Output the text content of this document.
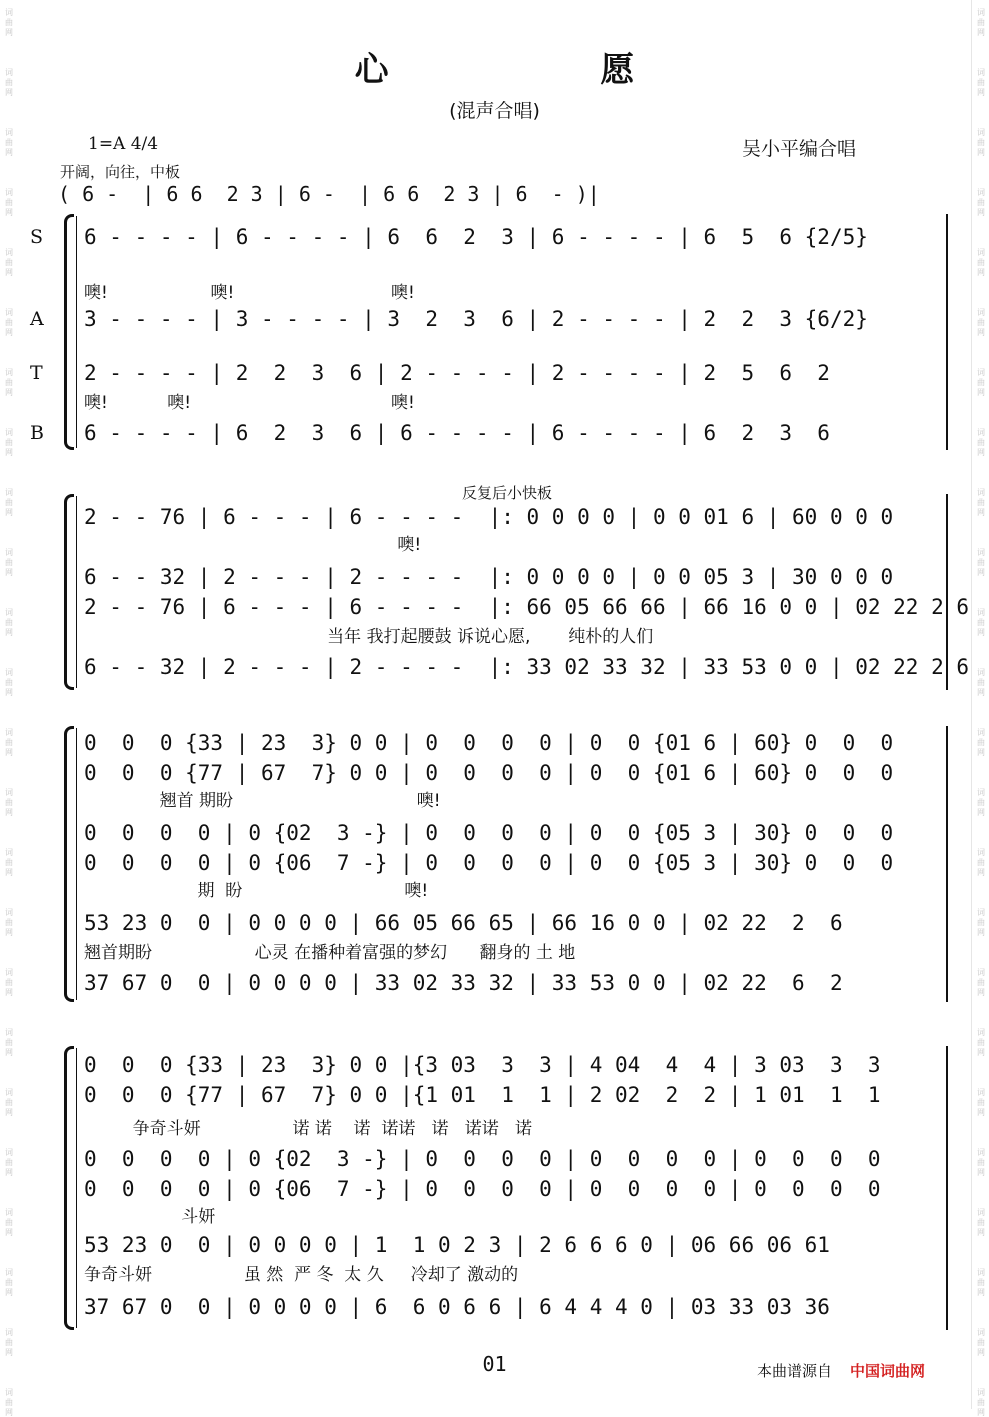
词
曲
网
词
曲
网
词
曲
网
词
曲
网
词
曲
网
词
曲
网
词
曲
网
词
曲
网
词
曲
网
词
曲
网
词
曲
网
词
曲
网
词
曲
网
词
曲
网
词
曲
网
词
曲
网
词
曲
网
词
曲
网
词
曲
网
词
曲
网
词
曲
网
词
曲
网
词
曲
网
词
曲
网
词
曲
网
词
曲
网
词
曲
网
词
曲
网
词
曲
网
词
曲
网
词
曲
网
词
曲
网
词
曲
网
词
曲
网
词
曲
网
词
曲
网
词
曲
网
词
曲
网
词
曲
网
词
曲
网
词
曲
网
词
曲
网
词
曲
网
词
曲
网
词
曲
网
词
曲
网
词
曲
网
词
曲
网
心 愿
(混声合唱)
1=A 4/4	吴小平编合唱
开阔，向往，中板
( 6 -  | 6 6  2 3 | 6 -  | 6 6  2 3 | 6  - )|
6 - - - - | 6 - - - - | 6  6  2  3 | 6 - - - - | 6  5  6 {2/5}
噢!                   噢!                             噢!
3 - - - - | 3 - - - - | 3  2  3  6 | 2 - - - - | 2  2  3 {6/2}
2 - - - - | 2  2  3  6 | 2 - - - - | 2 - - - - | 2  5  6  2
噢!           噢!                                     噢!
6 - - - - | 6  2  3  6 | 6 - - - - | 6 - - - - | 6  2  3  6
S
A
T
B
反复后小快板
2 - - 76 | 6 - - - | 6 - - - -  |: 0 0 0 0 | 0 0 01 6 | 60 0 0 0
噢!
6 - - 32 | 2 - - - | 2 - - - -  |: 0 0 0 0 | 0 0 05 3 | 30 0 0 0
2 - - 76 | 6 - - - | 6 - - - -  |: 66 05 66 66 | 66 16 0 0 | 02 22 2 6
当年 我打起腰鼓 诉说心愿,       纯朴的人们
6 - - 32 | 2 - - - | 2 - - - -  |: 33 02 33 32 | 33 53 0 0 | 02 22 2 6
0  0  0 {33 | 23  3} 0 0 | 0  0  0  0 | 0  0 {01 6 | 60} 0  0  0
0  0  0 {77 | 67  7} 0 0 | 0  0  0  0 | 0  0 {01 6 | 60} 0  0  0
翘首 期盼                                  噢!
0  0  0  0 | 0 {02  3 -} | 0  0  0  0 | 0  0 {05 3 | 30} 0  0  0
0  0  0  0 | 0 {06  7 -} | 0  0  0  0 | 0  0 {05 3 | 30} 0  0  0
期  盼                              噢!
53 23 0  0 | 0 0 0 0 | 66 05 66 65 | 66 16 0 0 | 02 22  2  6
翘首期盼                   心灵 在播种着富强的梦幻      翻身的 土 地
37 67 0  0 | 0 0 0 0 | 33 02 33 32 | 33 53 0 0 | 02 22  6  2
0  0  0 {33 | 23  3} 0 0 |{3 03  3  3 | 4 04  4  4 | 3 03  3  3
0  0  0 {77 | 67  7} 0 0 |{1 01  1  1 | 2 02  2  2 | 1 01  1  1
争奇斗妍                 诺 诺    诺  诺诺   诺   诺诺   诺
0  0  0  0 | 0 {02  3 -} | 0  0  0  0 | 0  0  0  0 | 0  0  0  0
0  0  0  0 | 0 {06  7 -} | 0  0  0  0 | 0  0  0  0 | 0  0  0  0
斗妍
53 23 0  0 | 0 0 0 0 | 1  1 0 2 3 | 2 6 6 6 0 | 06 66 06 61
争奇斗妍                 虽 然  严 冬  太 久     冷却了 激动的
37 67 0  0 | 0 0 0 0 | 6  6 0 6 6 | 6 4 4 4 0 | 03 33 03 36
01	本曲谱源自 中国词曲网
